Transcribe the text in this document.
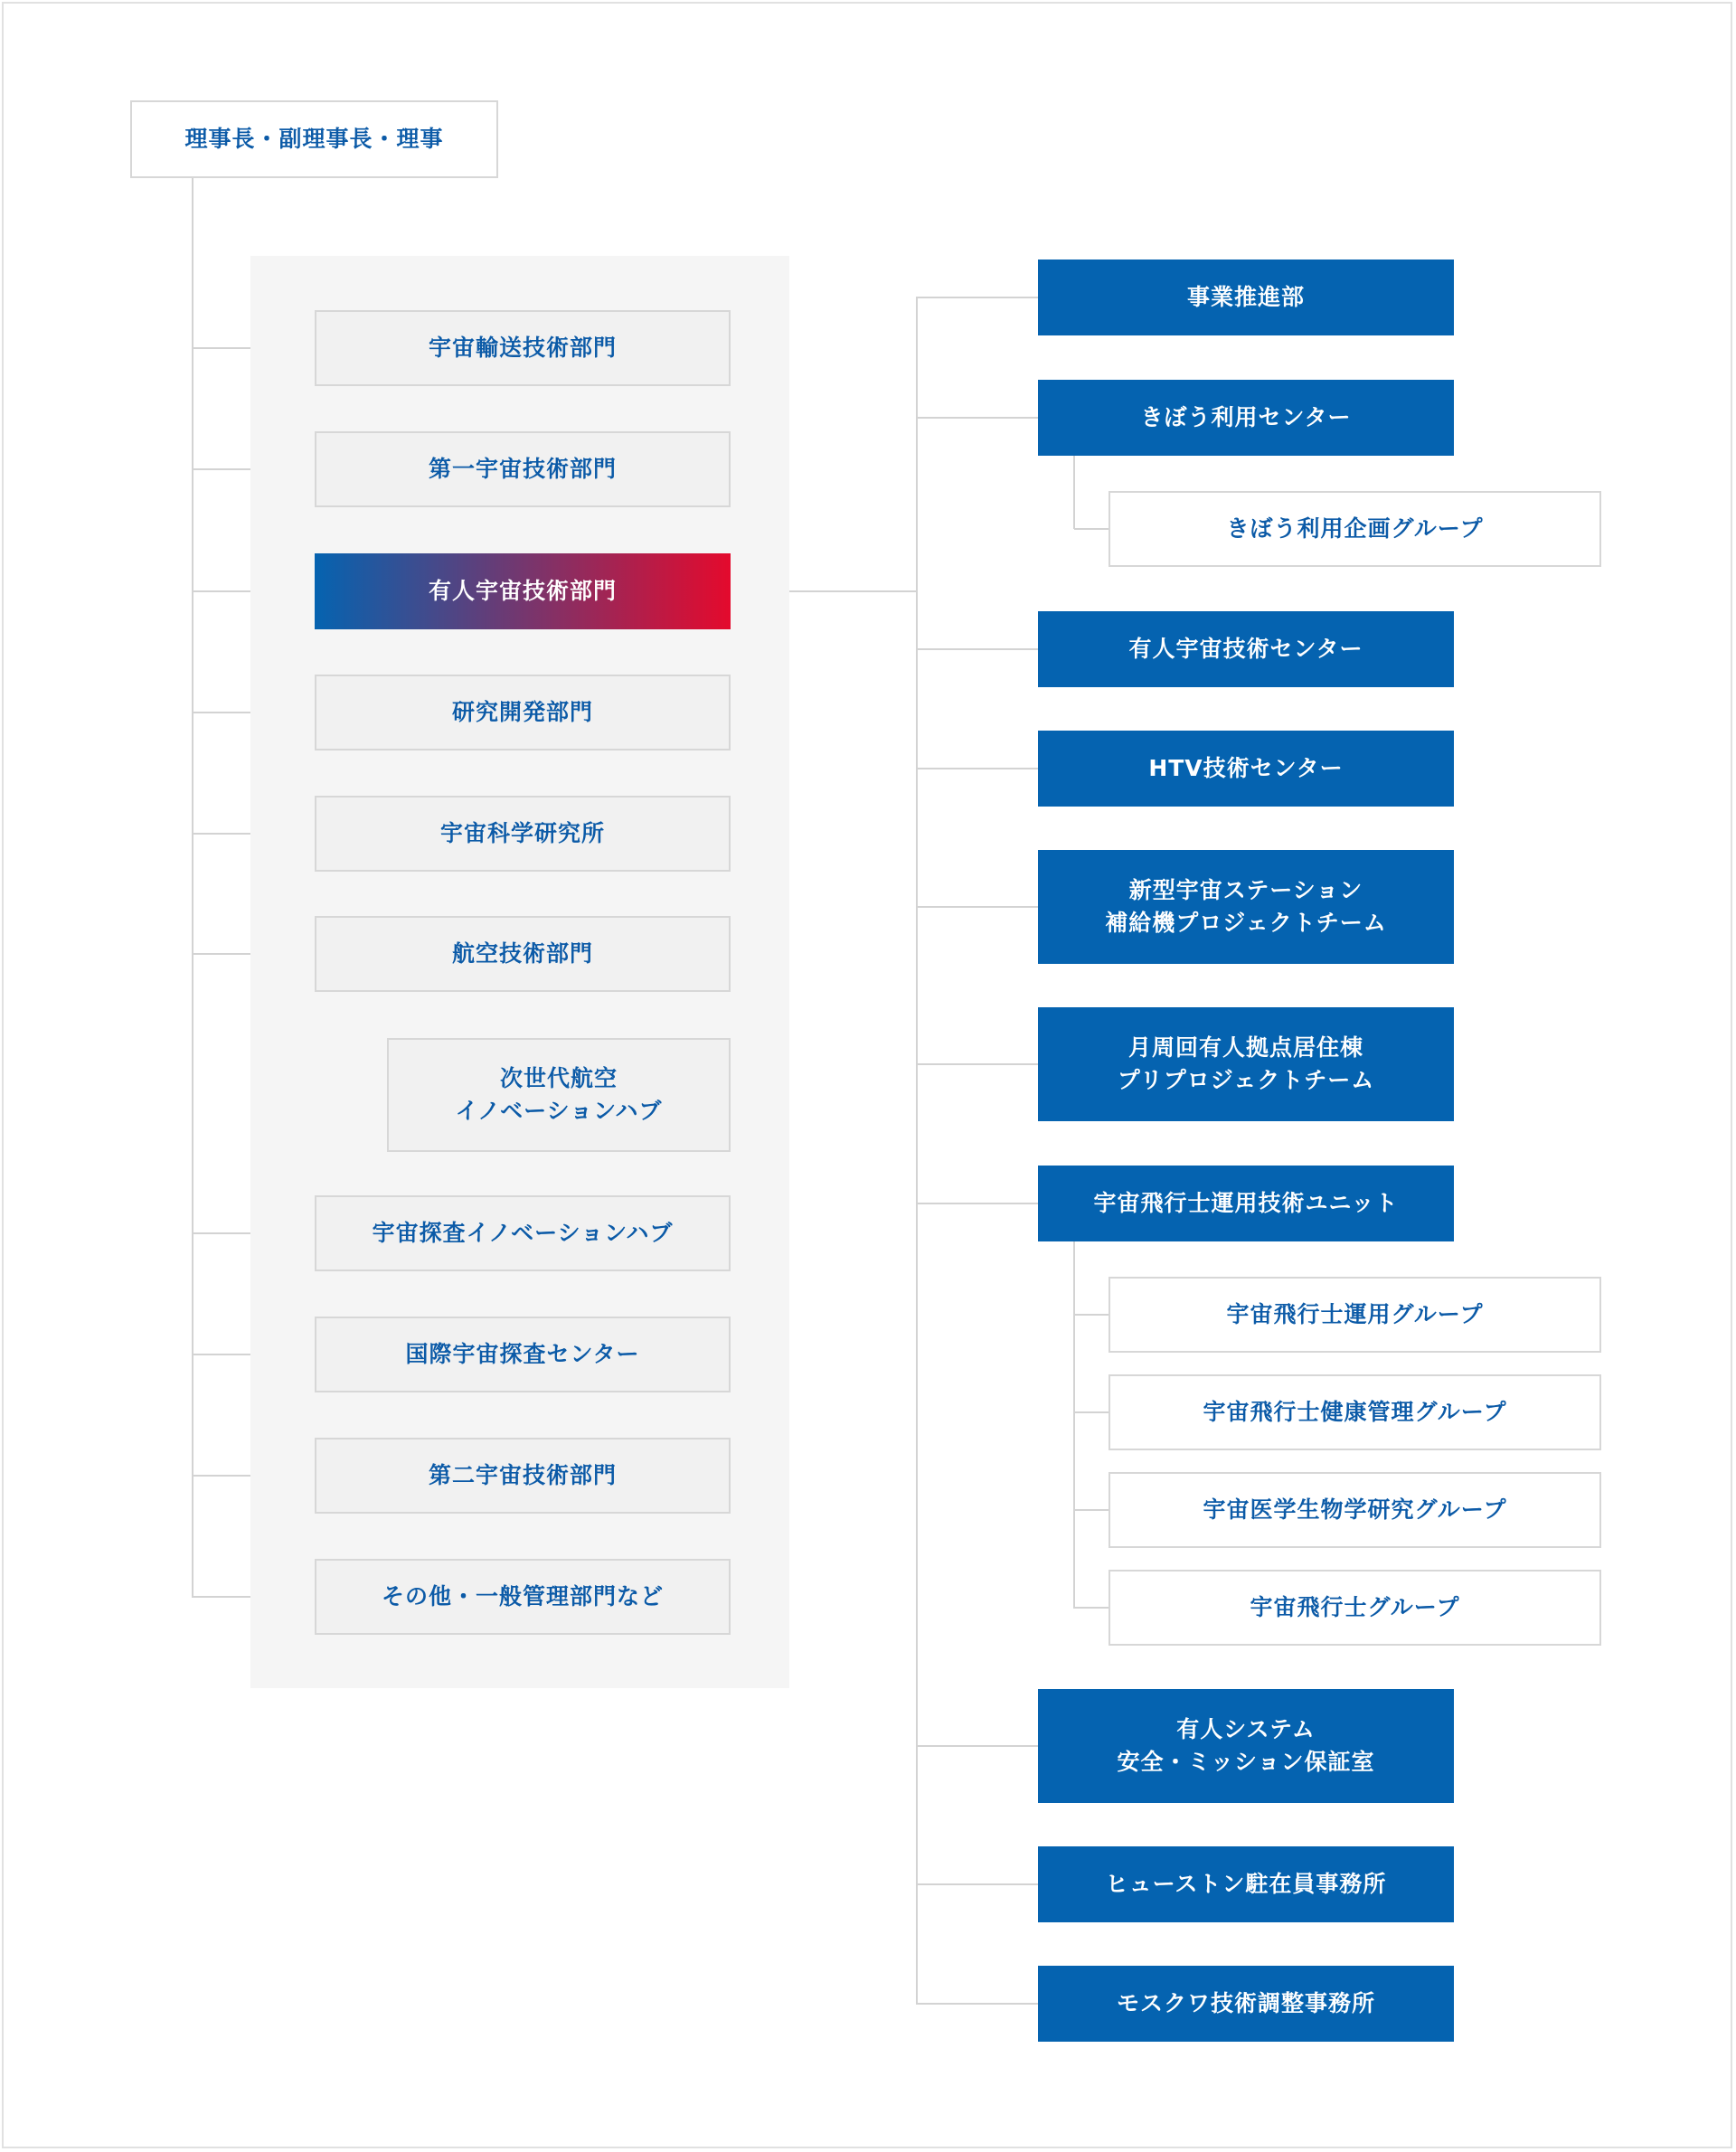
理事長・副理事長・理事
宇宙輸送技術部門
第一宇宙技術部門
有人宇宙技術部門
研究開発部門
宇宙科学研究所
航空技術部門
次世代航空
イノベーションハブ
宇宙探査イノベーションハブ
国際宇宙探査センター
第二宇宙技術部門
その他・一般管理部門など
事業推進部
きぼう利用センター
きぼう利用企画グループ
有人宇宙技術センター
HTV技術センター
新型宇宙ステーション
補給機プロジェクトチーム
月周回有人拠点居住棟
プリプロジェクトチーム
宇宙飛行士運用技術ユニット
宇宙飛行士運用グループ
宇宙飛行士健康管理グループ
宇宙医学生物学研究グループ
宇宙飛行士グループ
有人システム
安全・ミッション保証室
ヒューストン駐在員事務所
モスクワ技術調整事務所
